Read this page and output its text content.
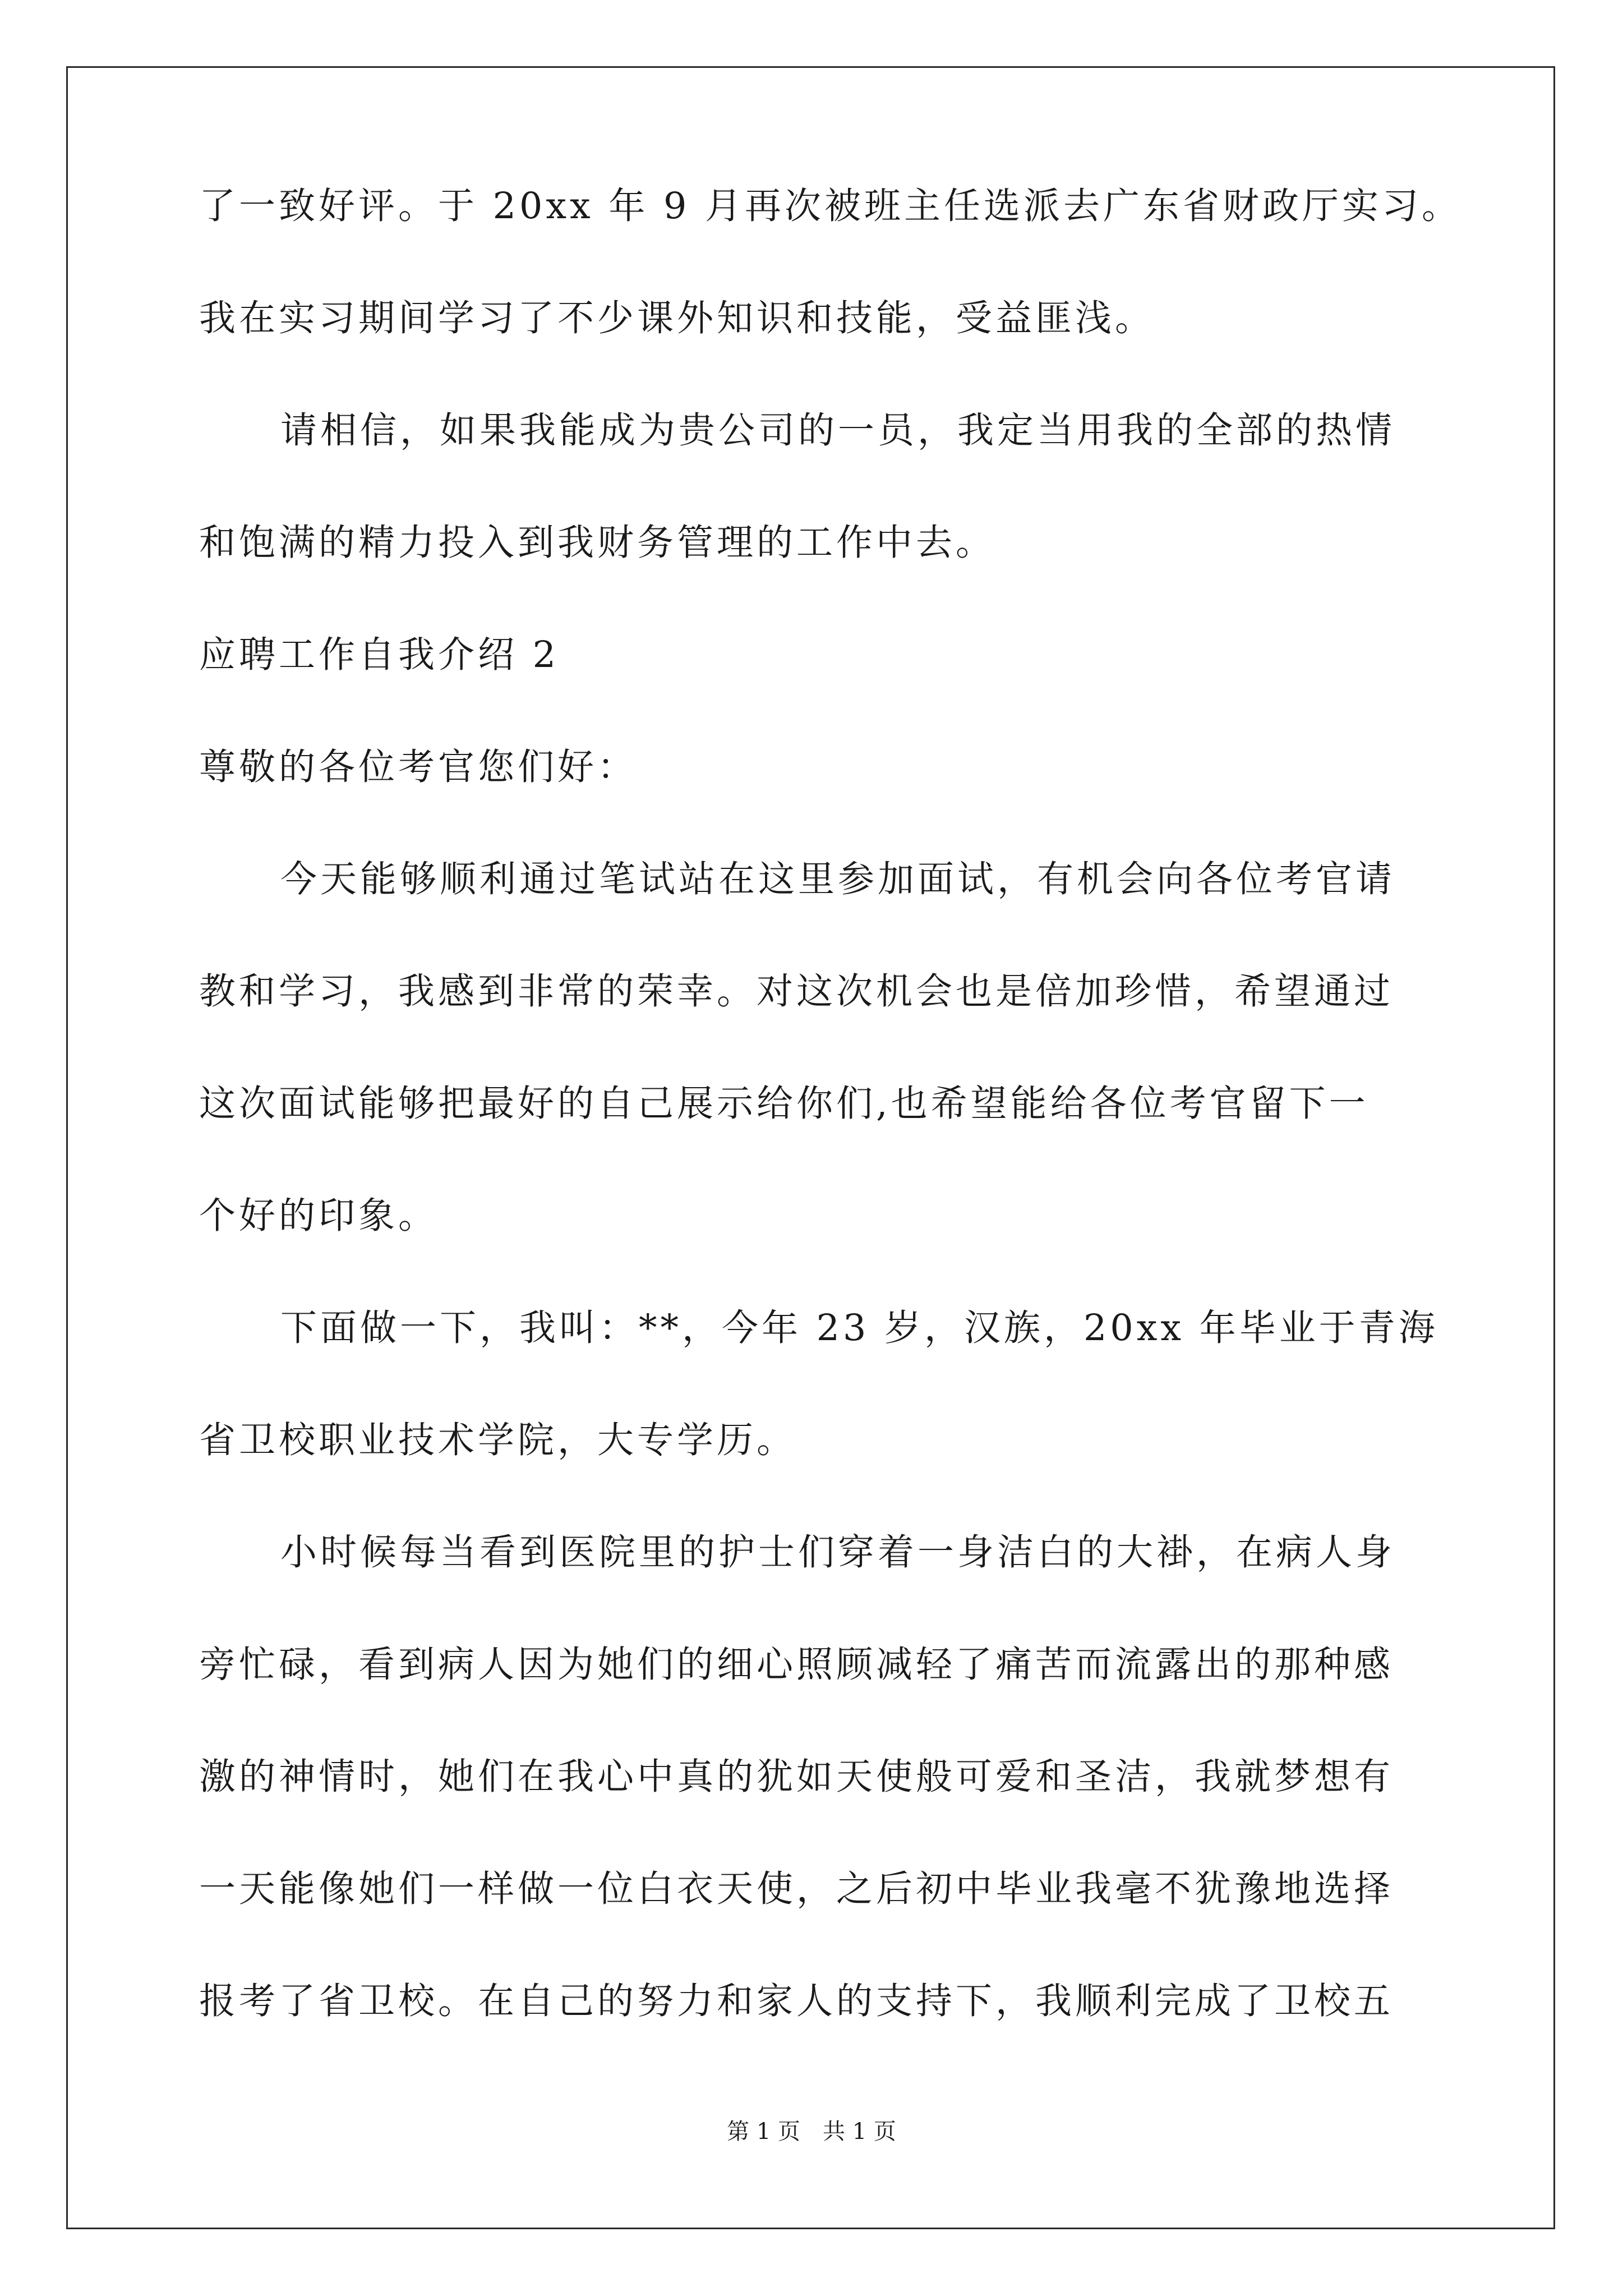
了一致好评。于 20xx 年 9 月再次被班主任选派去广东省财政厅实习。

我在实习期间学习了不少课外知识和技能，受益匪浅。

请相信，如果我能成为贵公司的一员，我定当用我的全部的热情

和饱满的精力投入到我财务管理的工作中去。

应聘工作自我介绍 2

尊敬的各位考官您们好：

今天能够顺利通过笔试站在这里参加面试，有机会向各位考官请

教和学习，我感到非常的荣幸。对这次机会也是倍加珍惜，希望通过

这次面试能够把最好的自己展示给你们,也希望能给各位考官留下一

个好的印象。

下面做一下，我叫：**，今年 23 岁，汉族，20xx 年毕业于青海

省卫校职业技术学院，大专学历。

小时候每当看到医院里的护士们穿着一身洁白的大褂，在病人身

旁忙碌，看到病人因为她们的细心照顾减轻了痛苦而流露出的那种感

激的神情时，她们在我心中真的犹如天使般可爱和圣洁，我就梦想有

一天能像她们一样做一位白衣天使，之后初中毕业我毫不犹豫地选择

报考了省卫校。在自己的努力和家人的支持下，我顺利完成了卫校五

第 1 页 共 1 页
